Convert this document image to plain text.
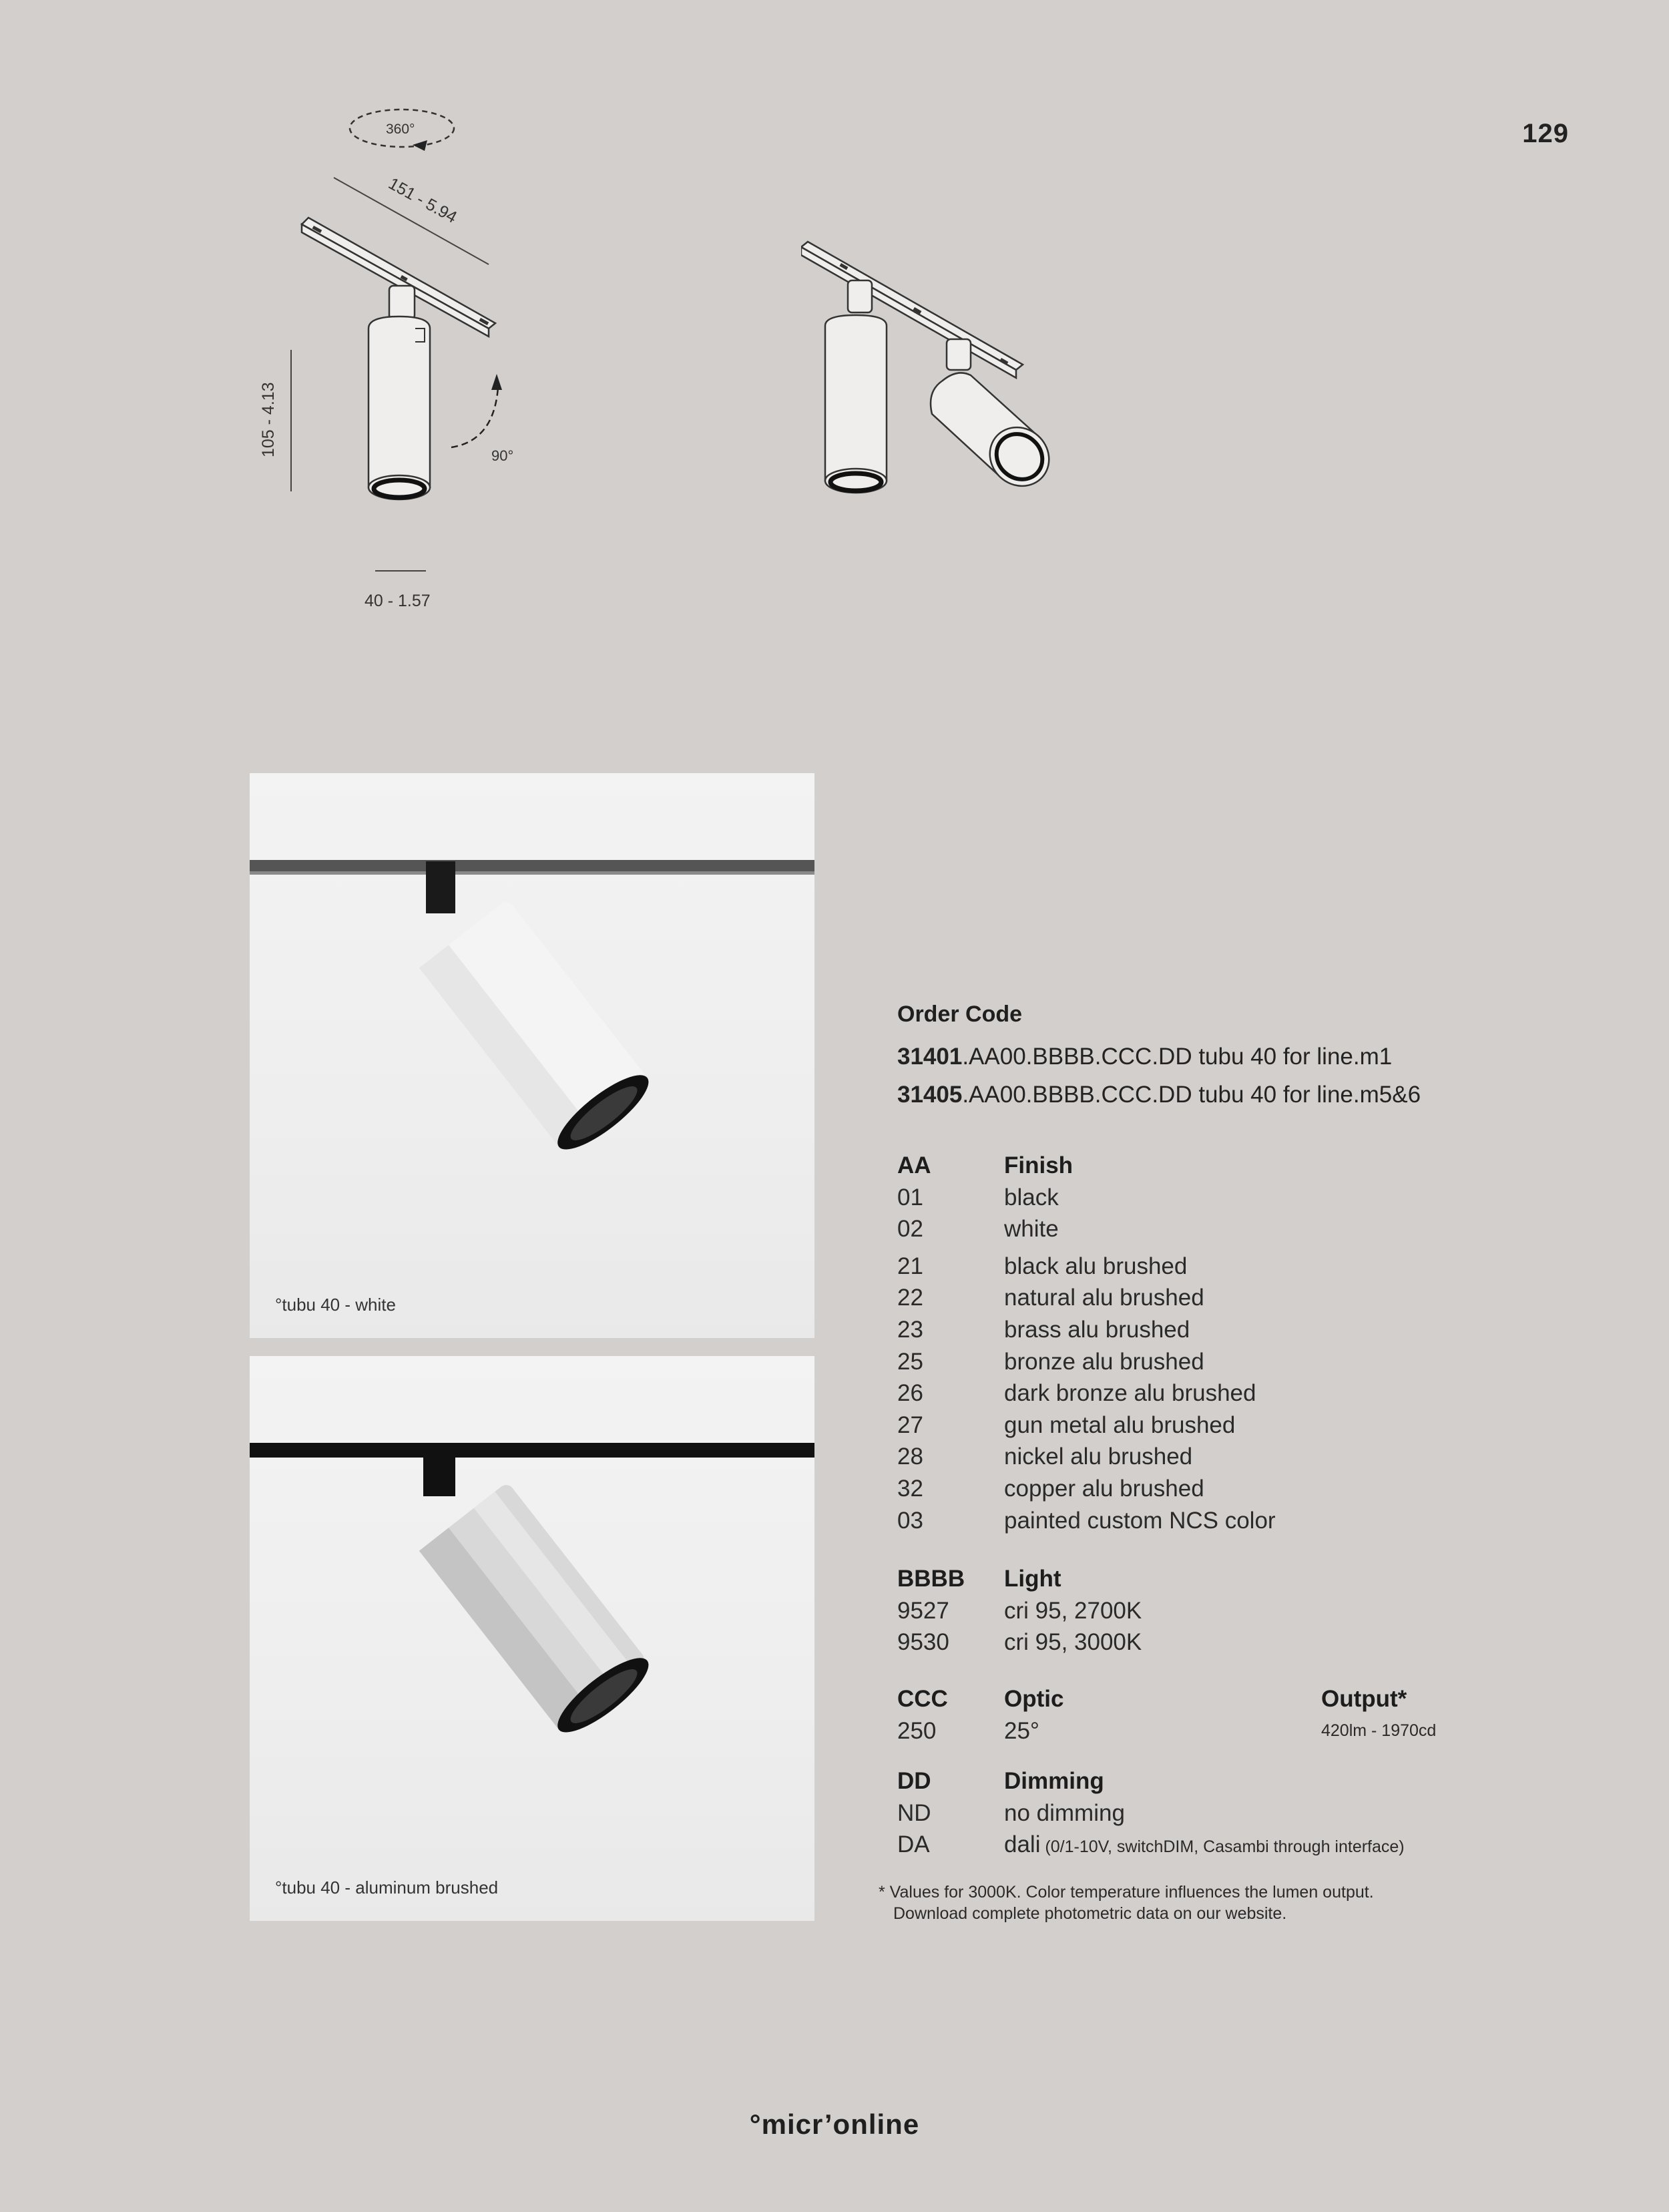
129
360°
151 - 5.94
105 - 4.13	90°
40 - 1.57
°tubu 40 - white
°tubu 40 - aluminum brushed
Order Code
31401.AA00.BBBB.CCC.DD tubu 40 for line.m1
31405.AA00.BBBB.CCC.DD tubu 40 for line.m5&6
AA	Finish
01	black
02	white
21	black alu brushed
22	natural alu brushed
23	brass alu brushed
25	bronze alu brushed
26	dark bronze alu brushed
27	gun metal alu brushed
28	nickel alu brushed
32	copper alu brushed
03	painted custom NCS color
BBBB Light
9527 cri 95, 2700K
9530 cri 95, 3000K
CCC Optic	Output*
250	25°	420lm - 1970cd
DD	Dimming
ND	no dimming
DA	dali (0/1-10V, switchDIM, Casambi through interface)
* Values for 3000K. Color temperature influences the lumen output.
Download complete photometric data on our website.
°micr’online
